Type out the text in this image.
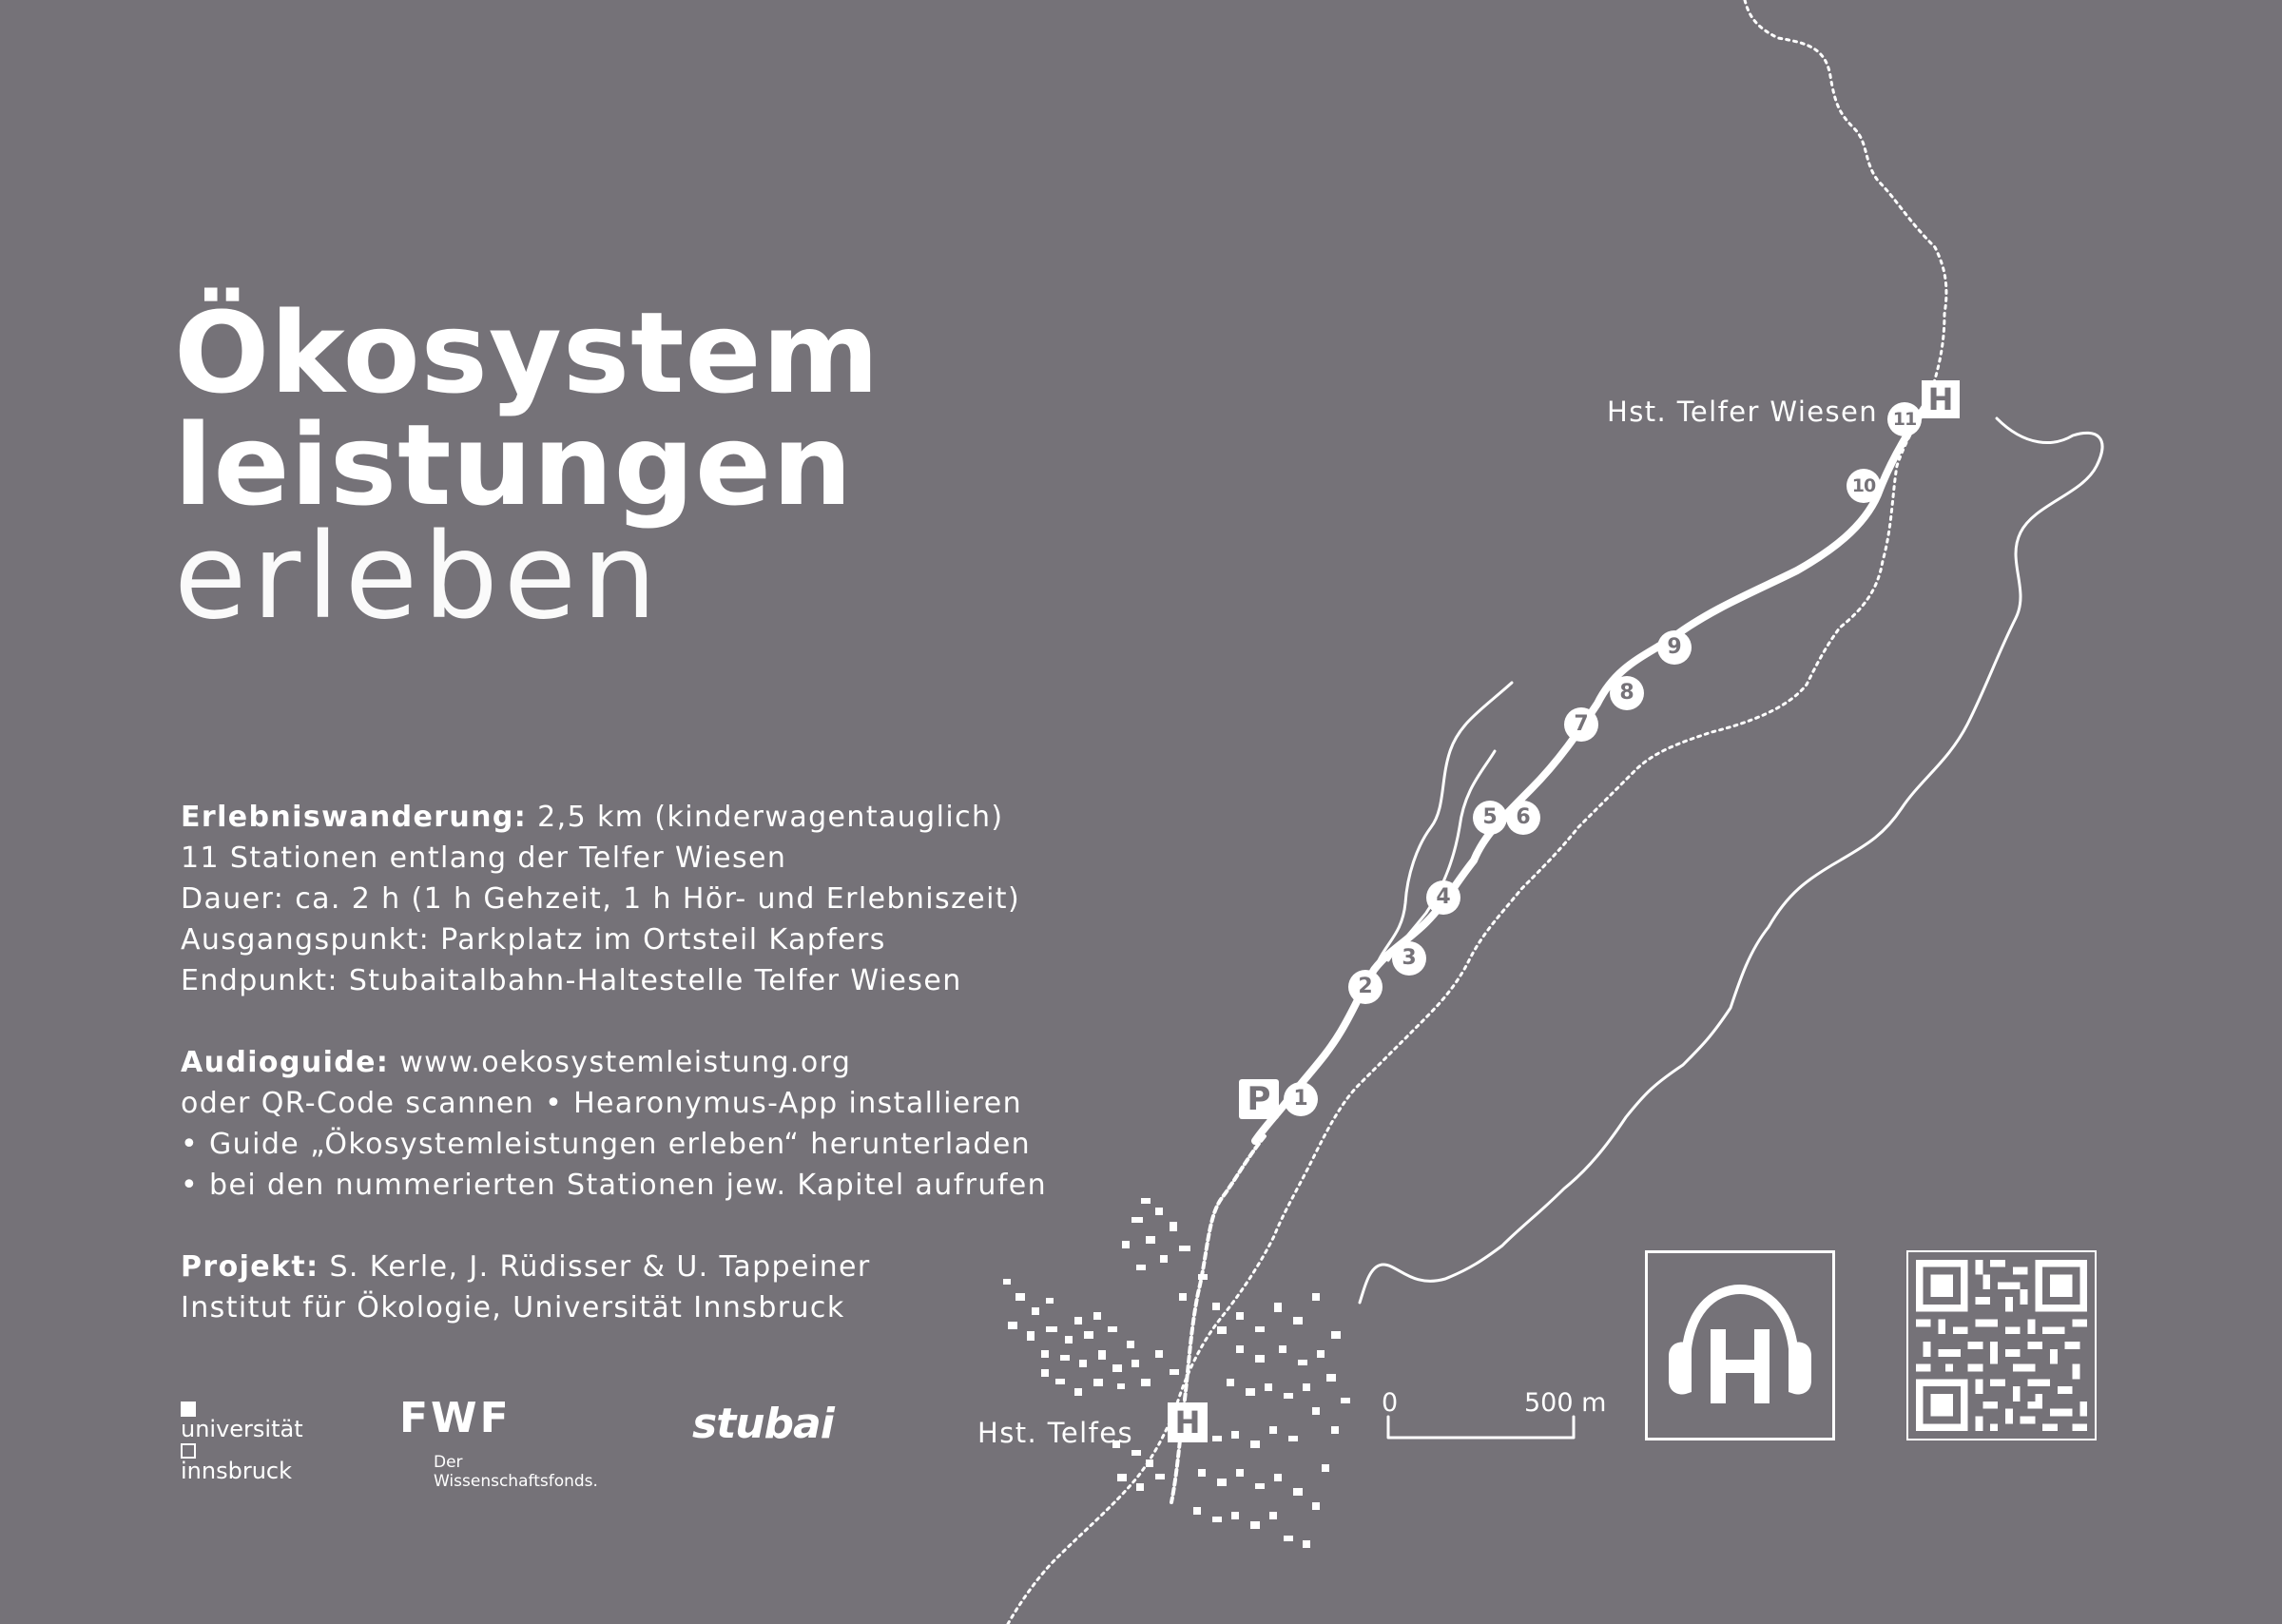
Ökosystem
leistungen
erleben
Erlebniswanderung: 2,5 km (kinderwagentauglich)
11 Stationen entlang der Telfer Wiesen
Dauer: ca. 2 h (1 h Gehzeit, 1 h Hör- und Erlebniszeit)
Ausgangspunkt: Parkplatz im Ortsteil Kapfers
Endpunkt: Stubaitalbahn-Haltestelle Telfer Wiesen
Audioguide: www.oekosystemleistung.org
oder QR-Code scannen • Hearonymus-App installieren
• Guide „Ökosystemleistungen erleben“ herunterladen
• bei den nummerierten Stationen jew. Kapitel aufrufen
Projekt: S. Kerle, J. Rüdisser & U. Tappeiner
Institut für Ökologie, Universität Innsbruck
universität
innsbruck
FWF
Der Wissenschaftsfonds.
stubai
Hst. Telfer Wiesen
Hst. Telfes
H
H
P	1
2
3
4
5 6
7
8
9
10
11
0	500 m
